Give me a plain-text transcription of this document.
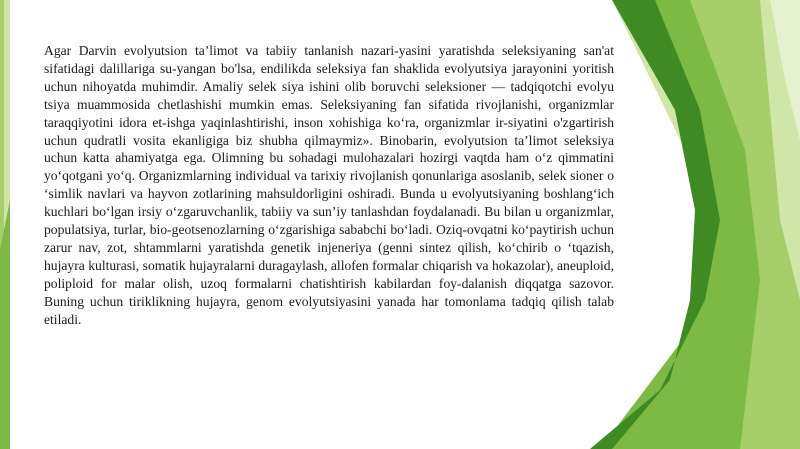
Agar Darvin evolyutsion ta’limot va tabiiy tanlanish nazari-yasini yaratishda seleksiyaning san'at sifatidagi dalillariga su-yangan bo'lsa, endilikda seleksiya fan shaklida evolyutsiya jarayonini yoritish uchun nihoyatda muhimdir. Amaliy selek siya ishini olib boruvchi seleksioner — tadqiqotchi evolyu tsiya muammosida chetlashishi mumkin emas. Seleksiyaning fan sifatida rivojlanishi, organizmlar taraqqiyotini idora et-ishga yaqinlashtirishi, inson xohishiga ko‘ra, organizmlar ir-siyatini o'zgartirish uchun qudratli vosita ekanligiga biz shubha qilmaymiz». Binobarin, evolyutsion ta’limot seleksiya uchun katta ahamiyatga ega. Olimning bu sohadagi mulohazalari hozirgi vaqtda ham o‘z qimmatini yo‘qotgani yo‘q. Organizmlarning individual va tarixiy rivojlanish qonunlariga asoslanib, selek sioner o ‘simlik navlari va hayvon zotlarining mahsuldorligini oshiradi. Bunda u evolyutsiyaning boshlang‘ich kuchlari bo‘lgan irsiy o‘zgaruvchanlik, tabiiy va sun’iy tanlashdan foydalanadi. Bu bilan u organizmlar, populatsiya, turlar, bio-geotsenozlarning o‘zgarishiga sababchi bo‘ladi. Oziq-ovqatni ko‘paytirish uchun zarur nav, zot, shtammlarni yaratishda genetik injeneriya (genni sintez qilish, ko‘chirib o ‘tqazish, hujayra kulturasi, somatik hujayralarni duragaylash, allofen formalar chiqarish va hokazolar), aneuploid, poliploid for malar olish, uzoq formalarni chatishtirish kabilardan foy-dalanish diqqatga sazovor. Buning uchun tiriklikning hujayra, genom evolyutsiyasini yanada har tomonlama tadqiq qilish talab etiladi.
